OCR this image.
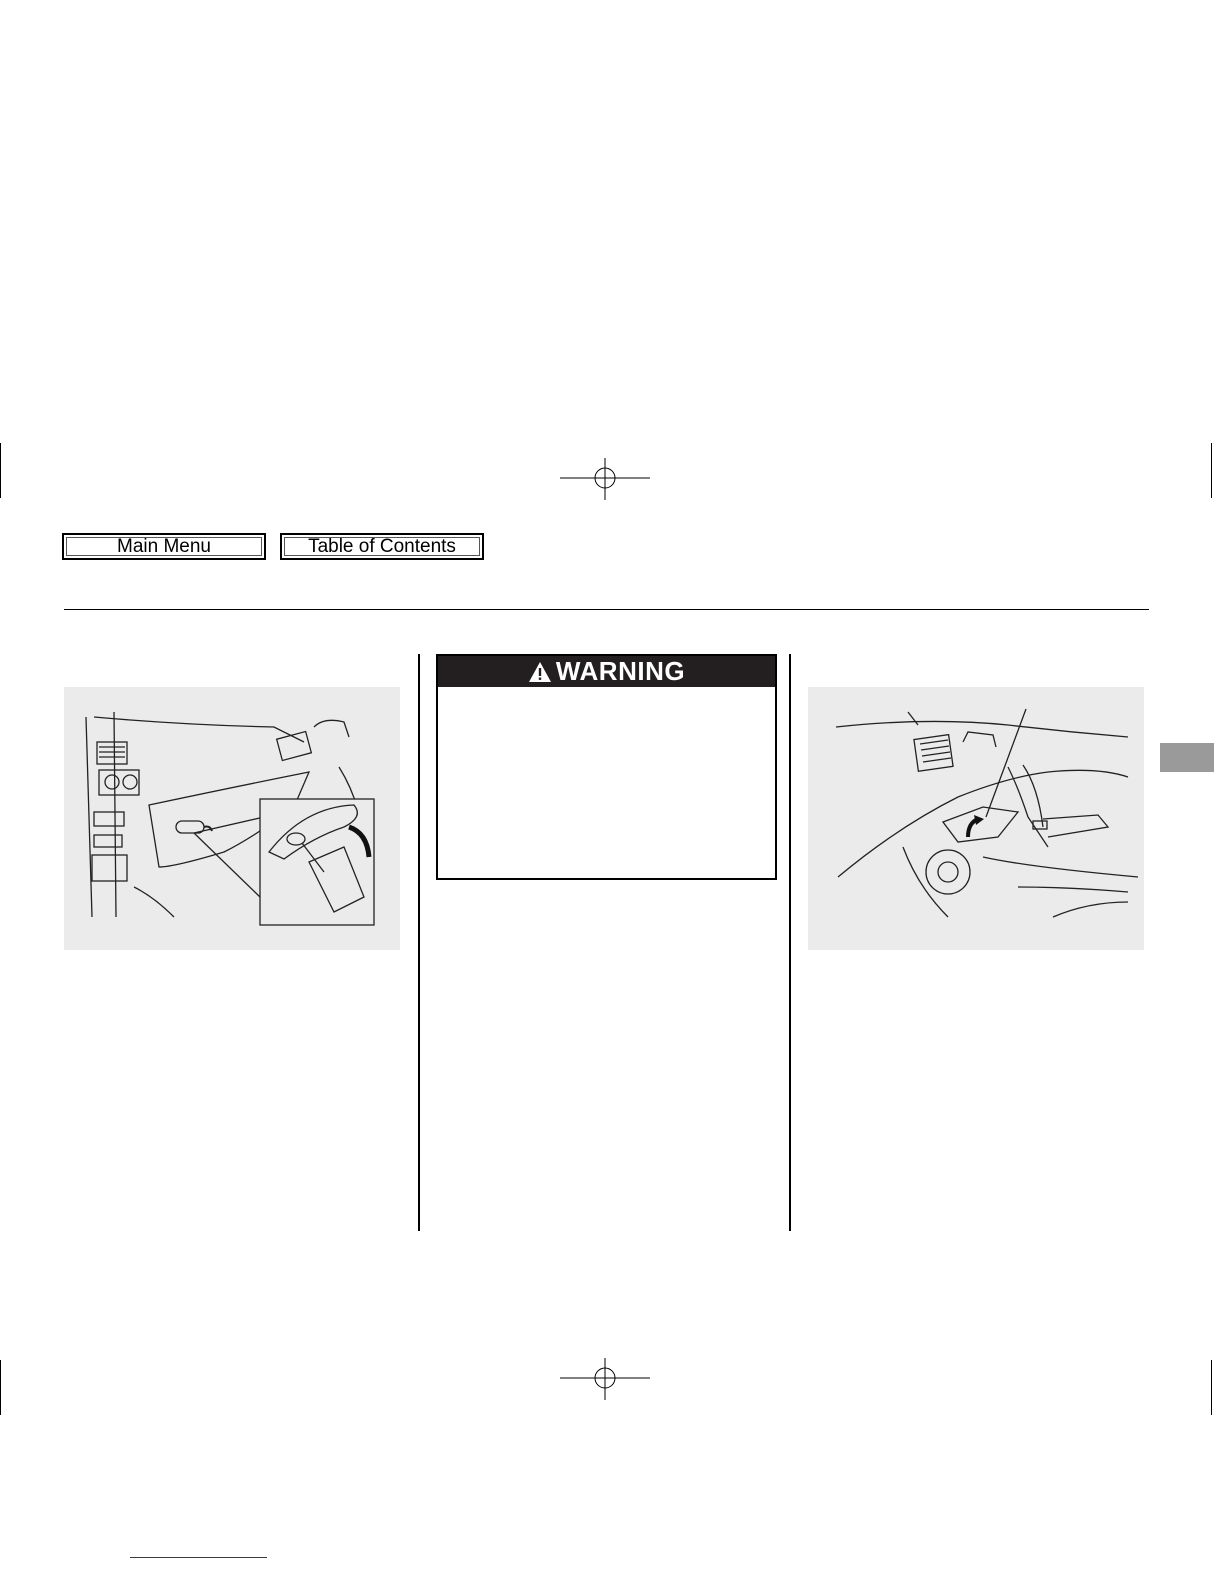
Main Menu	Table of Contents
WARNING
